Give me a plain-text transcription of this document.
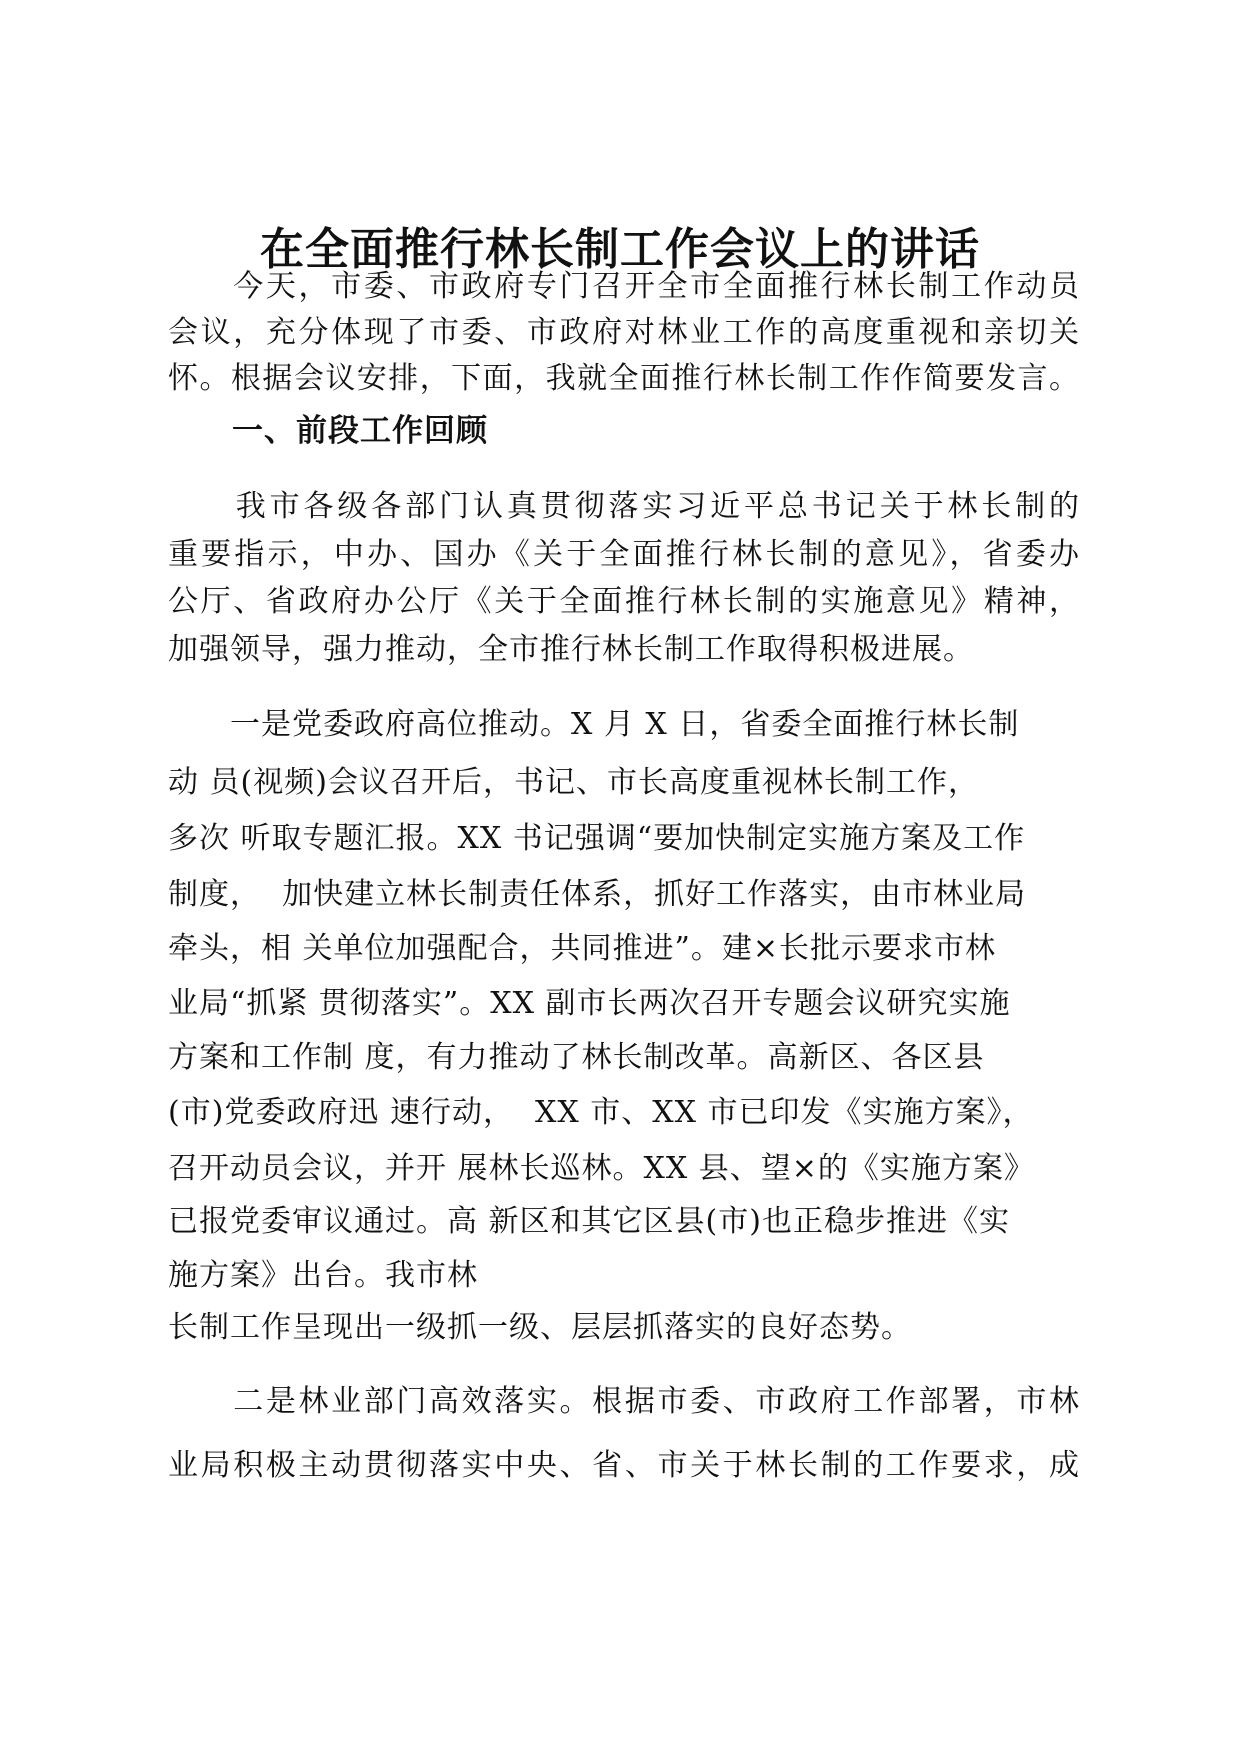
在全面推行林长制工作会议上的讲话
　　今天，市委、市政府专门召开全市全面推行林长制工作动员
会议，充分体现了市委、市政府对林业工作的高度重视和亲切关
怀。根据会议安排，下面，我就全面推行林长制工作作简要发言。
　　一、前段工作回顾
　　我市各级各部门认真贯彻落实习近平总书记关于林长制的
重要指示，中办、国办《关于全面推行林长制的意见》，省委办
公厅、省政府办公厅《关于全面推行林长制的实施意见》精神，
加强领导，强力推动，全市推行林长制工作取得积极进展。
　　一是党委政府高位推动。X 月 X 日，省委全面推行林长制
动 员(视频)会议召开后，书记、市长高度重视林长制工作，
多次 听取专题汇报。XX 书记强调“要加快制定实施方案及工作
制度，  加快建立林长制责任体系，抓好工作落实，由市林业局
牵头，相 关单位加强配合，共同推进”。建×长批示要求市林
业局“抓紧 贯彻落实”。XX 副市长两次召开专题会议研究实施
方案和工作制 度，有力推动了林长制改革。高新区、各区县
(市)党委政府迅 速行动，  XX 市、XX 市已印发《实施方案》，
召开动员会议，并开 展林长巡林。XX 县、望×的《实施方案》
已报党委审议通过。高 新区和其它区县(市)也正稳步推进《实
施方案》出台。我市林
长制工作呈现出一级抓一级、层层抓落实的良好态势。
　　二是林业部门高效落实。根据市委、市政府工作部署，市林
业局积极主动贯彻落实中央、省、市关于林长制的工作要求，成
